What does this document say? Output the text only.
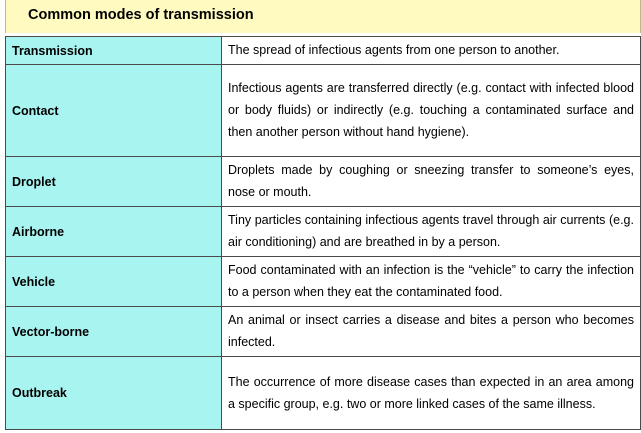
Common modes of transmission
Transmission	The spread of infectious agents from one person to another.
Contact	Infectious agents are transferred directly (e.g. contact with infected blood or body fluids) or indirectly (e.g. touching a contaminated surface and then another person without hand hygiene).
Droplet	Droplets made by coughing or sneezing transfer to someone’s eyes, nose or mouth.
Airborne	Tiny particles containing infectious agents travel through air currents (e.g. air conditioning) and are breathed in by a person.
Vehicle	Food contaminated with an infection is the “vehicle” to carry the infection to a person when they eat the contaminated food.
Vector-borne	An animal or insect carries a disease and bites a person who becomes infected.
Outbreak	The occurrence of more disease cases than expected in an area among a specific group, e.g. two or more linked cases of the same illness.
